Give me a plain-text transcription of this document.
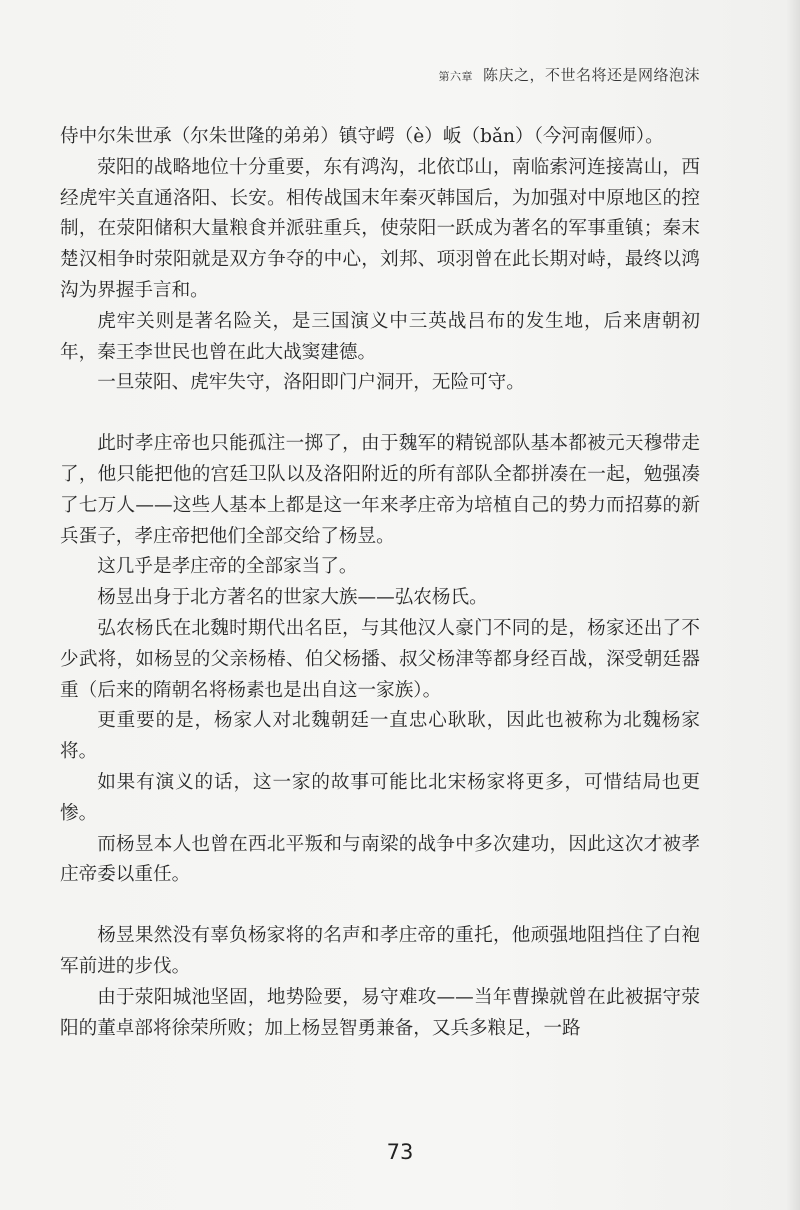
第六章 陈庆之，不世名将还是网络泡沫

侍中尔朱世承（尔朱世隆的弟弟）镇守崿（è）岅（bǎn）（今河南偃师）。

荥阳的战略地位十分重要，东有鸿沟，北依邙山，南临索河连接嵩山，西经虎牢关直通洛阳、长安。相传战国末年秦灭韩国后，为加强对中原地区的控制，在荥阳储积大量粮食并派驻重兵，使荥阳一跃成为著名的军事重镇；秦末楚汉相争时荥阳就是双方争夺的中心，刘邦、项羽曾在此长期对峙，最终以鸿沟为界握手言和。

虎牢关则是著名险关，是三国演义中三英战吕布的发生地，后来唐朝初年，秦王李世民也曾在此大战窦建德。

一旦荥阳、虎牢失守，洛阳即门户洞开，无险可守。

此时孝庄帝也只能孤注一掷了，由于魏军的精锐部队基本都被元天穆带走了，他只能把他的宫廷卫队以及洛阳附近的所有部队全都拼凑在一起，勉强凑了七万人——这些人基本上都是这一年来孝庄帝为培植自己的势力而招募的新兵蛋子，孝庄帝把他们全部交给了杨昱。

这几乎是孝庄帝的全部家当了。

杨昱出身于北方著名的世家大族——弘农杨氏。

弘农杨氏在北魏时期代出名臣，与其他汉人豪门不同的是，杨家还出了不少武将，如杨昱的父亲杨椿、伯父杨播、叔父杨津等都身经百战，深受朝廷器重（后来的隋朝名将杨素也是出自这一家族）。

更重要的是，杨家人对北魏朝廷一直忠心耿耿，因此也被称为北魏杨家将。

如果有演义的话，这一家的故事可能比北宋杨家将更多，可惜结局也更惨。

而杨昱本人也曾在西北平叛和与南梁的战争中多次建功，因此这次才被孝庄帝委以重任。

杨昱果然没有辜负杨家将的名声和孝庄帝的重托，他顽强地阻挡住了白袍军前进的步伐。

由于荥阳城池坚固，地势险要，易守难攻——当年曹操就曾在此被据守荥阳的董卓部将徐荣所败；加上杨昱智勇兼备，又兵多粮足，一路

73
